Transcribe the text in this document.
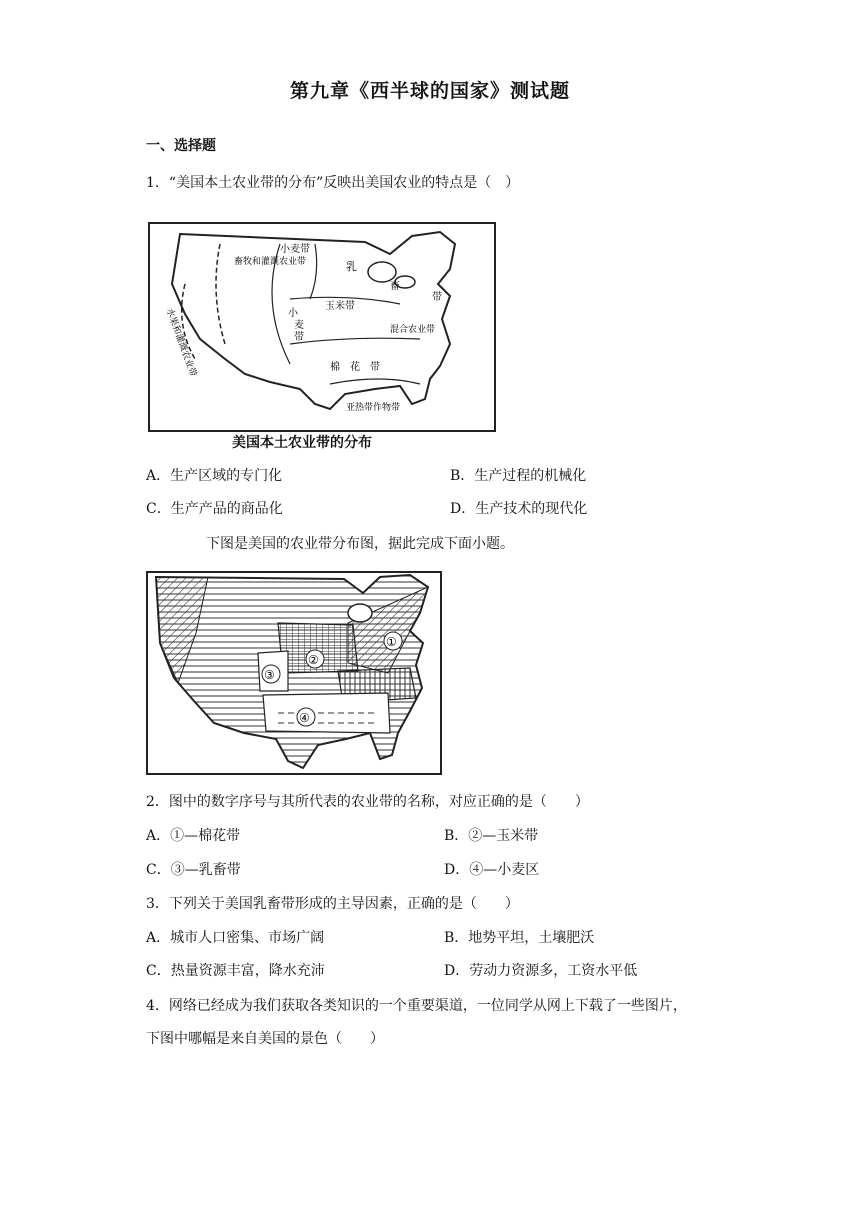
第九章《西半球的国家》测试题
一、选择题
1．“美国本土农业带的分布”反映出美国农业的特点是（　）
畜牧和灌溉农业带
水果和灌溉农业带
小麦带
乳
畜
带
玉米带
小
麦
带
混合农业带
棉　花　带
亚热带作物带
美国本土农业带的分布
A．生产区域的专门化	B．生产过程的机械化
C．生产产品的商品化	D．生产技术的现代化
下图是美国的农业带分布图，据此完成下面小题。
①
②
③
④
2．图中的数字序号与其所代表的农业带的名称，对应正确的是（　　）
A．①—棉花带	B．②—玉米带
C．③—乳畜带	D．④—小麦区
3．下列关于美国乳畜带形成的主导因素，正确的是（　　）
A．城市人口密集、市场广阔	B．地势平坦，土壤肥沃
C．热量资源丰富，降水充沛	D．劳动力资源多，工资水平低
4．网络已经成为我们获取各类知识的一个重要渠道，一位同学从网上下载了一些图片，
下图中哪幅是来自美国的景色（　　）
